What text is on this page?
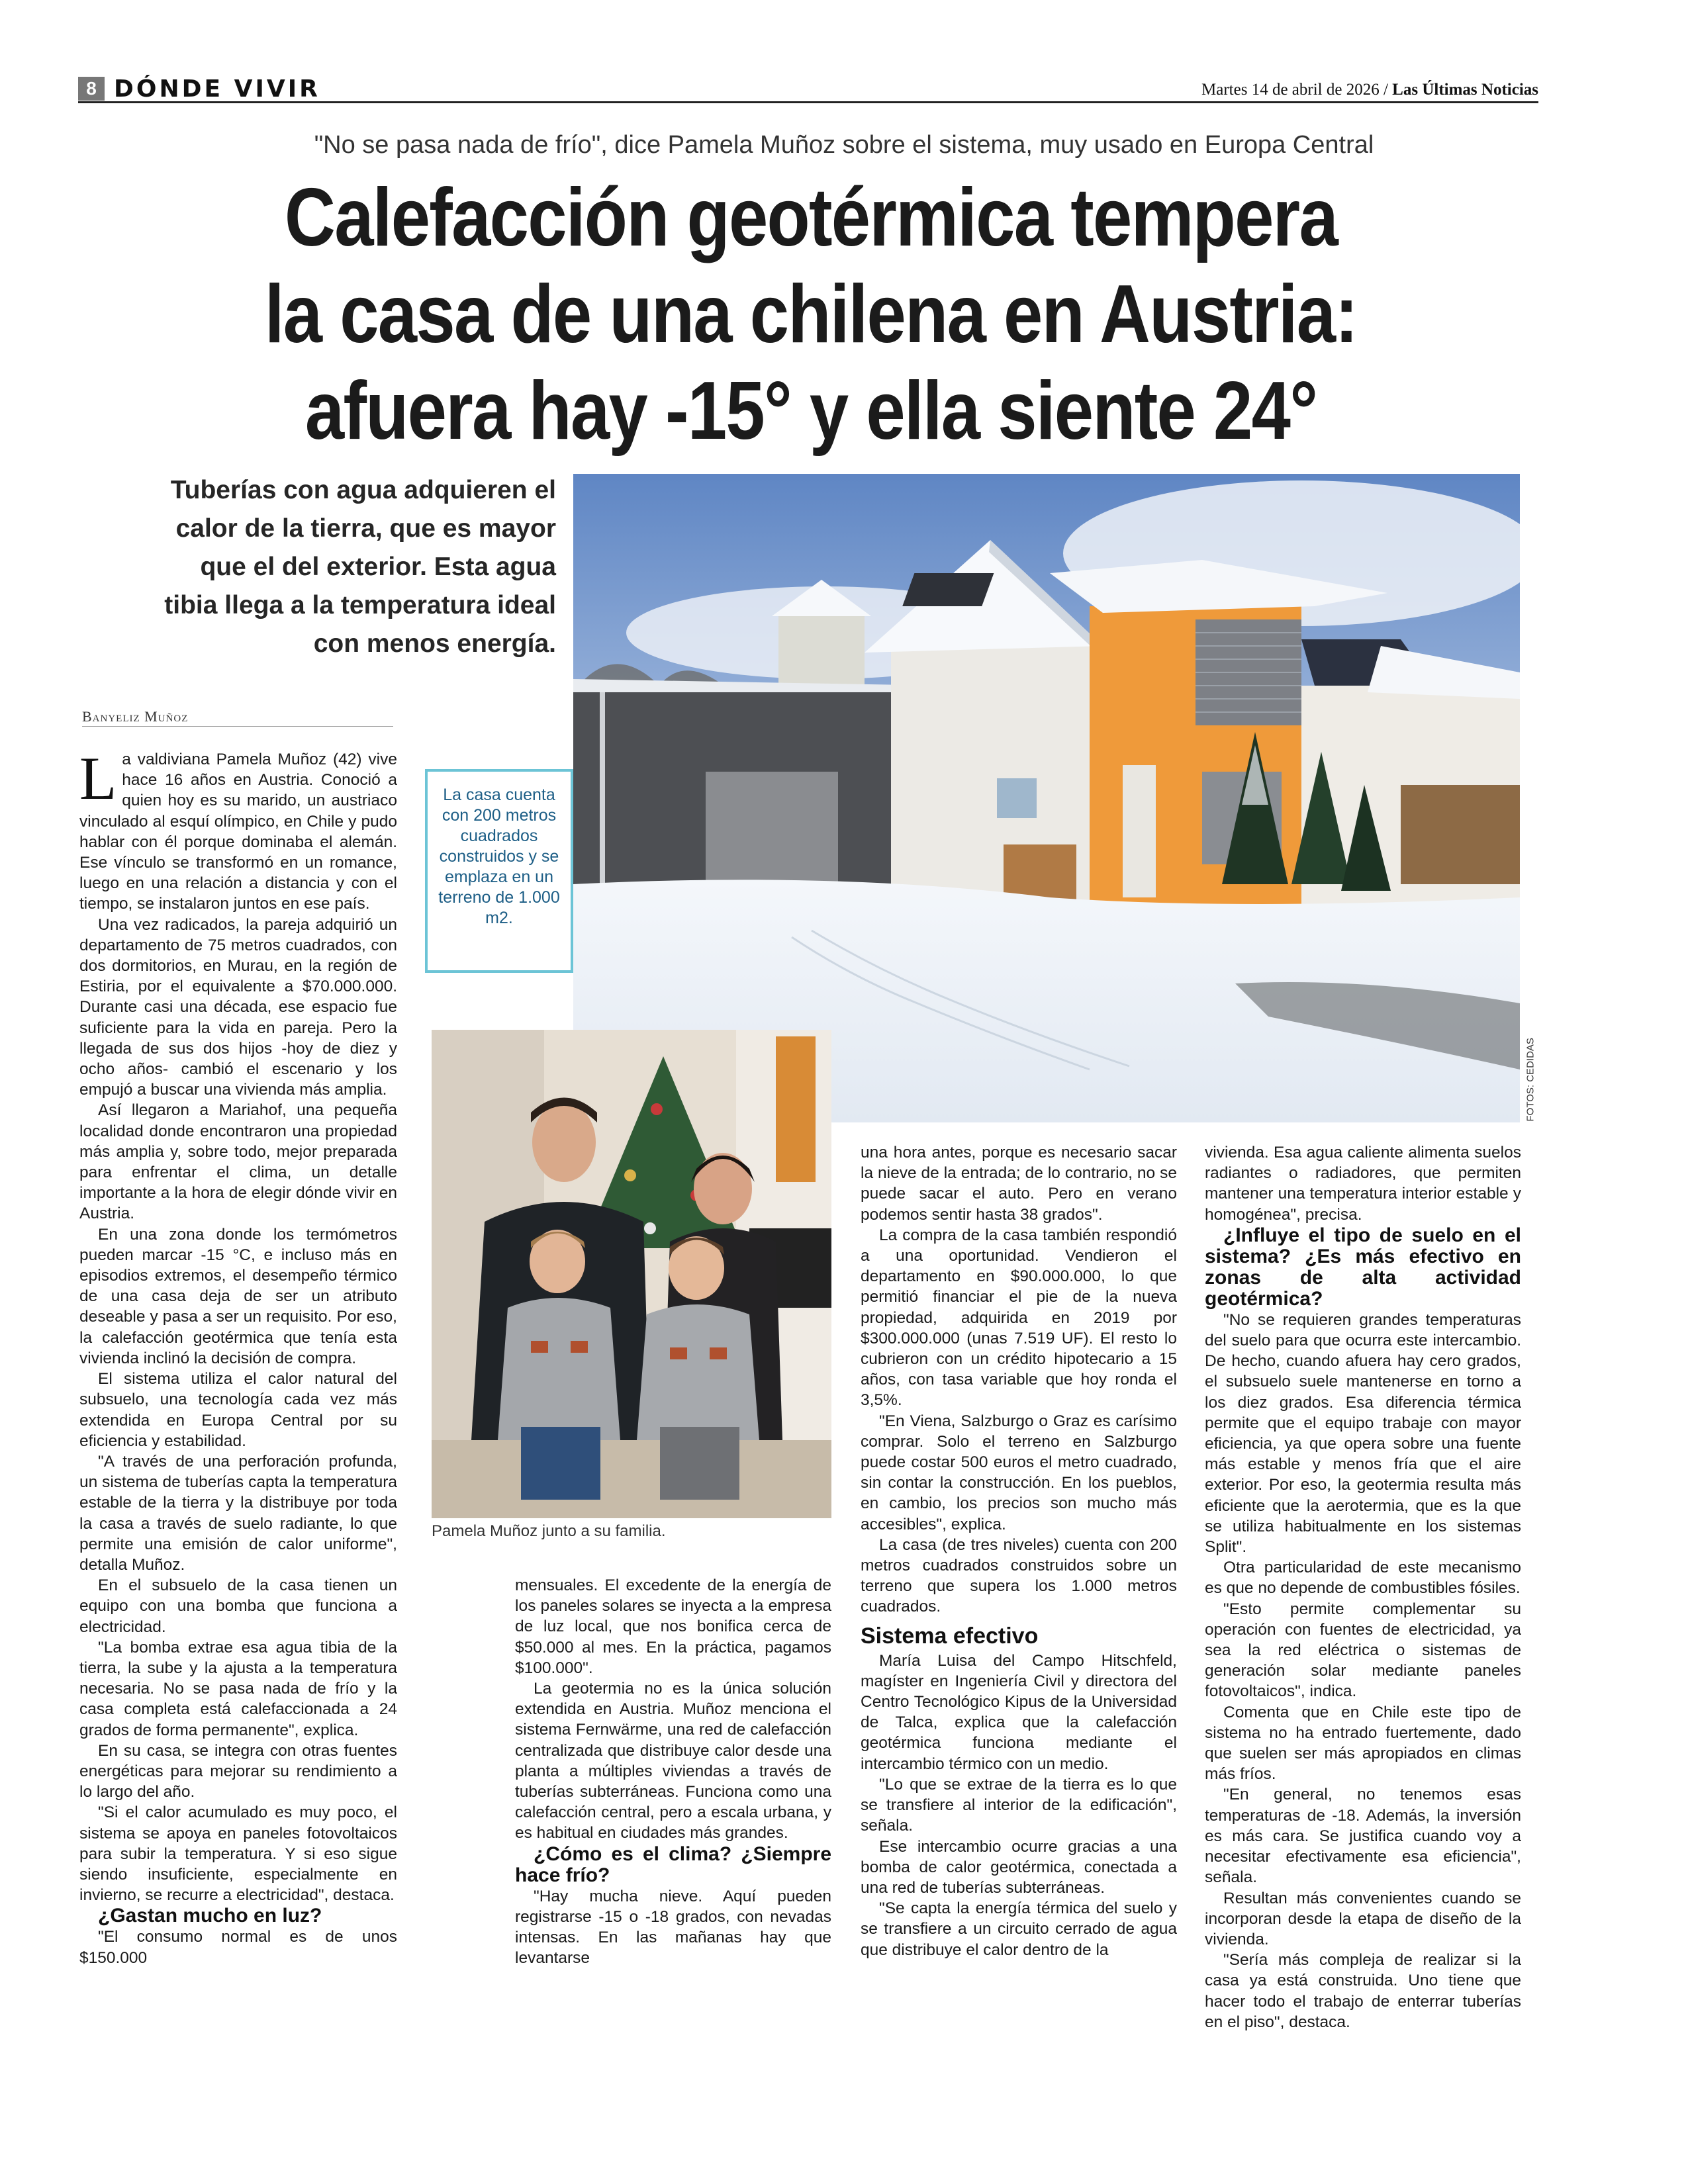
8 DÓNDE VIVIR	Martes 14 de abril de 2026 / Las Últimas Noticias
"No se pasa nada de frío", dice Pamela Muñoz sobre el sistema, muy usado en Europa Central
Calefacción geotérmica tempera
la casa de una chilena en Austria:
afuera hay -15° y ella siente 24°
Tuberías con agua adquieren el
calor de la tierra, que es mayor
que el del exterior. Esta agua
tibia llega a la temperatura ideal
con menos energía.
FOTOS: CEDIDAS
La casa cuenta con 200 metros cuadrados construidos y se emplaza en un terreno de 1.000 m2.
Pamela Muñoz junto a su familia.
Banyeliz Muñoz

La valdiviana Pamela Muñoz (42) vive hace 16 años en Austria. Conoció a quien hoy es su marido, un austriaco vinculado al esquí olímpico, en Chile y pudo hablar con él porque dominaba el alemán. Ese vínculo se transformó en un romance, luego en una relación a distancia y con el tiempo, se instalaron juntos en ese país.

Una vez radicados, la pareja adquirió un departamento de 75 metros cuadrados, con dos dormitorios, en Murau, en la región de Estiria, por el equivalente a $70.000.000. Durante casi una década, ese espacio fue suficiente para la vida en pareja. Pero la llegada de sus dos hijos -hoy de diez y ocho años- cambió el escenario y los empujó a buscar una vivienda más amplia.

Así llegaron a Mariahof, una pequeña localidad donde encontraron una propiedad más amplia y, sobre todo, mejor preparada para enfrentar el clima, un detalle importante a la hora de elegir dónde vivir en Austria.

En una zona donde los termómetros pueden marcar -15 °C, e incluso más en episodios extremos, el desempeño térmico de una casa deja de ser un atributo deseable y pasa a ser un requisito. Por eso, la calefacción geotérmica que tenía esta vivienda inclinó la decisión de compra.

El sistema utiliza el calor natural del subsuelo, una tecnología cada vez más extendida en Europa Central por su eficiencia y estabilidad.

"A través de una perforación profunda, un sistema de tuberías capta la temperatura estable de la tierra y la distribuye por toda la casa a través de suelo radiante, lo que permite una emisión de calor uniforme", detalla Muñoz.

En el subsuelo de la casa tienen un equipo con una bomba que funciona a electricidad.

"La bomba extrae esa agua tibia de la tierra, la sube y la ajusta a la temperatura necesaria. No se pasa nada de frío y la casa completa está calefaccionada a 24 grados de forma permanente", explica.

En su casa, se integra con otras fuentes energéticas para mejorar su rendimiento a lo largo del año.

"Si el calor acumulado es muy poco, el sistema se apoya en paneles fotovoltaicos para subir la temperatura. Y si eso sigue siendo insuficiente, especialmente en invierno, se recurre a electricidad", destaca.

¿Gastan mucho en luz?

"El consumo normal es de unos $150.000

mensuales. El excedente de la energía de los paneles solares se inyecta a la empresa de luz local, que nos bonifica cerca de $50.000 al mes. En la práctica, pagamos $100.000".

La geotermia no es la única solución extendida en Austria. Muñoz menciona el sistema Fernwärme, una red de calefacción centralizada que distribuye calor desde una planta a múltiples viviendas a través de tuberías subterráneas. Funciona como una calefacción central, pero a escala urbana, y es habitual en ciudades más grandes.

¿Cómo es el clima? ¿Siempre hace frío?

"Hay mucha nieve. Aquí pueden registrarse -15 o -18 grados, con nevadas intensas. En las mañanas hay que levantarse

una hora antes, porque es necesario sacar la nieve de la entrada; de lo contrario, no se puede sacar el auto. Pero en verano podemos sentir hasta 38 grados".

La compra de la casa también respondió a una oportunidad. Vendieron el departamento en $90.000.000, lo que permitió financiar el pie de la nueva propiedad, adquirida en 2019 por $300.000.000 (unas 7.519 UF). El resto lo cubrieron con un crédito hipotecario a 15 años, con tasa variable que hoy ronda el 3,5%.

"En Viena, Salzburgo o Graz es carísimo comprar. Solo el terreno en Salzburgo puede costar 500 euros el metro cuadrado, sin contar la construcción. En los pueblos, en cambio, los precios son mucho más accesibles", explica.

La casa (de tres niveles) cuenta con 200 metros cuadrados construidos sobre un terreno que supera los 1.000 metros cuadrados.

Sistema efectivo

María Luisa del Campo Hitschfeld, magíster en Ingeniería Civil y directora del Centro Tecnológico Kipus de la Universidad de Talca, explica que la calefacción geotérmica funciona mediante el intercambio térmico con un medio.

"Lo que se extrae de la tierra es lo que se transfiere al interior de la edificación", señala.

Ese intercambio ocurre gracias a una bomba de calor geotérmica, conectada a una red de tuberías subterráneas.

"Se capta la energía térmica del suelo y se transfiere a un circuito cerrado de agua que distribuye el calor dentro de la

vivienda. Esa agua caliente alimenta suelos radiantes o radiadores, que permiten mantener una temperatura interior estable y homogénea", precisa.

¿Influye el tipo de suelo en el sistema? ¿Es más efectivo en zonas de alta actividad geotérmica?

"No se requieren grandes temperaturas del suelo para que ocurra este intercambio. De hecho, cuando afuera hay cero grados, el subsuelo suele mantenerse en torno a los diez grados. Esa diferencia térmica permite que el equipo trabaje con mayor eficiencia, ya que opera sobre una fuente más estable y menos fría que el aire exterior. Por eso, la geotermia resulta más eficiente que la aerotermia, que es la que se utiliza habitualmente en los sistemas Split".

Otra particularidad de este mecanismo es que no depende de combustibles fósiles.

"Esto permite complementar su operación con fuentes de electricidad, ya sea la red eléctrica o sistemas de generación solar mediante paneles fotovoltaicos", indica.

Comenta que en Chile este tipo de sistema no ha entrado fuertemente, dado que suelen ser más apropiados en climas más fríos.

"En general, no tenemos esas temperaturas de -18. Además, la inversión es más cara. Se justifica cuando voy a necesitar efectivamente esa eficiencia", señala.

Resultan más convenientes cuando se incorporan desde la etapa de diseño de la vivienda.

"Sería más compleja de realizar si la casa ya está construida. Uno tiene que hacer todo el trabajo de enterrar tuberías en el piso", destaca.
